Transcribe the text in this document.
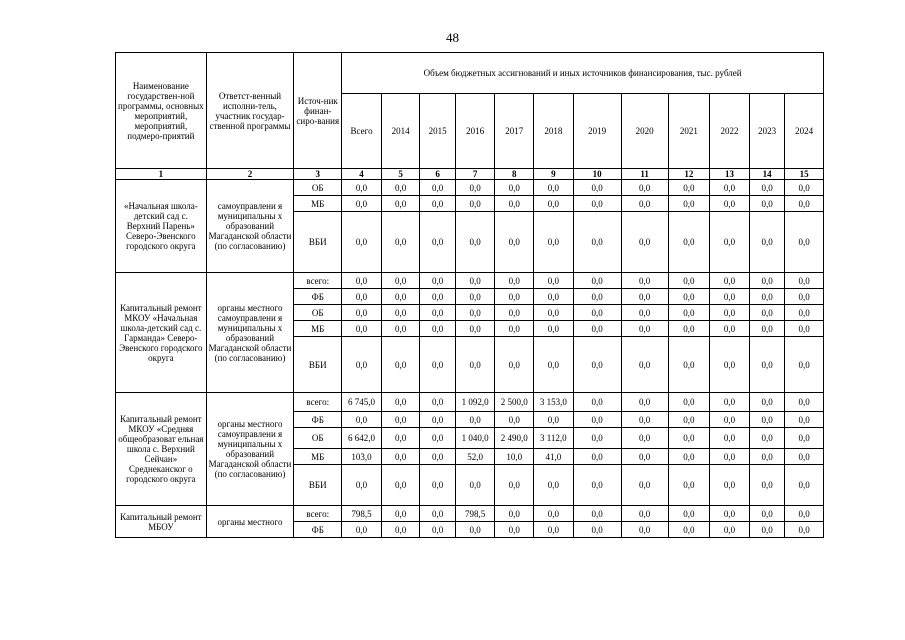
48
Наименование государствен-ной программы, основных мероприятий, мероприятий, подмеро-приятий	Ответст-венный исполни-тель, участник государ-ственной программы	Источ-ник финан-сиро-вания	Объем бюджетных ассигнований и иных источников финансирования, тыс. рублей											
			Всего	2014	2015	2016	2017	2018	2019	2020	2021	2022	2023	2024
1	2	3	4	5	6	7	8	9	10	11	12	13	14	15
«Начальная школа-детский сад с. Верхний Парень» Северо-Эвенского городского округа	самоуправлени я муниципальны х образований Магаданской области (по согласованию)	ОБ	0,0	0,0	0,0	0,0	0,0	0,0	0,0	0,0	0,0	0,0	0,0	0,0
		МБ	0,0	0,0	0,0	0,0	0,0	0,0	0,0	0,0	0,0	0,0	0,0	0,0
		ВБИ	0,0	0,0	0,0	0,0	0,0	0,0	0,0	0,0	0,0	0,0	0,0	0,0
Капитальный ремонт МКОУ «Начальная школа-детский сад с. Гарманда» Северо-Эвенского городского округа	органы местного самоуправлени я муниципальны х образований Магаданской области (по согласованию)	всего:	0,0	0,0	0,0	0,0	0,0	0,0	0,0	0,0	0,0	0,0	0,0	0,0
		ФБ	0,0	0,0	0,0	0,0	0,0	0,0	0,0	0,0	0,0	0,0	0,0	0,0
		ОБ	0,0	0,0	0,0	0,0	0,0	0,0	0,0	0,0	0,0	0,0	0,0	0,0
		МБ	0,0	0,0	0,0	0,0	0,0	0,0	0,0	0,0	0,0	0,0	0,0	0,0
		ВБИ	0,0	0,0	0,0	0,0	0,0	0,0	0,0	0,0	0,0	0,0	0,0	0,0
Капитальный ремонт МКОУ «Средняя общеобразоват ельная школа с. Верхний Сейчан» Среднеканског о городского округа	органы местного самоуправлени я муниципальны х образований Магаданской области (по согласованию)	всего:	6 745,0	0,0	0,0	1 092,0	2 500,0	3 153,0	0,0	0,0	0,0	0,0	0,0	0,0
		ФБ	0,0	0,0	0,0	0,0	0,0	0,0	0,0	0,0	0,0	0,0	0,0	0,0
		ОБ	6 642,0	0,0	0,0	1 040,0	2 490,0	3 112,0	0,0	0,0	0,0	0,0	0,0	0,0
		МБ	103,0	0,0	0,0	52,0	10,0	41,0	0,0	0,0	0,0	0,0	0,0	0,0
		ВБИ	0,0	0,0	0,0	0,0	0,0	0,0	0,0	0,0	0,0	0,0	0,0	0,0
Капитальный ремонт МБОУ	органы местного	всего:	798,5	0,0	0,0	798,5	0,0	0,0	0,0	0,0	0,0	0,0	0,0	0,0
		ФБ	0,0	0,0	0,0	0,0	0,0	0,0	0,0	0,0	0,0	0,0	0,0	0,0
